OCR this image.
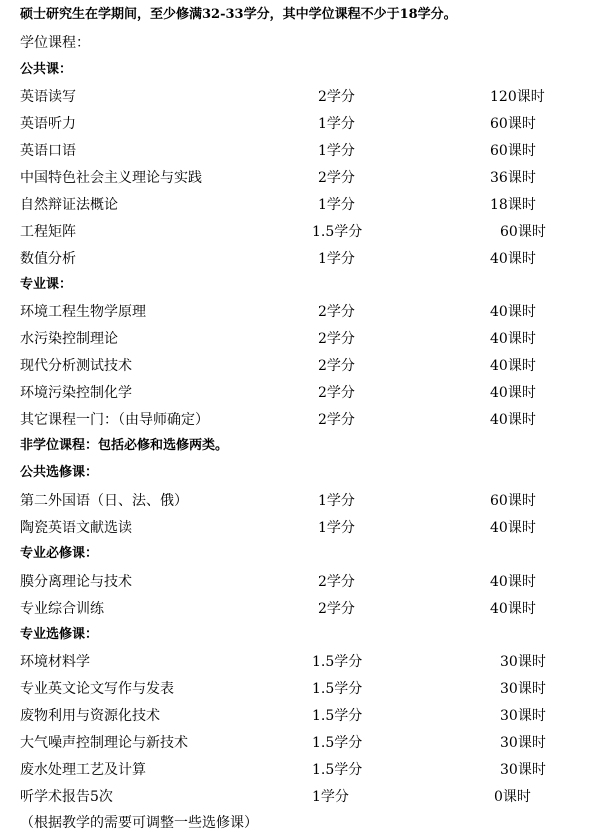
硕士研究生在学期间，至少修满32-33学分，其中学位课程不少于18学分。
学位课程：
公共课：
英语读写	2学分	120课时
英语听力	1学分	60课时
英语口语	1学分	60课时
中国特色社会主义理论与实践	2学分	36课时
自然辩证法概论	1学分	18课时
工程矩阵	1.5学分	60课时
数值分析	1学分	40课时
专业课：
环境工程生物学原理	2学分	40课时
水污染控制理论	2学分	40课时
现代分析测试技术	2学分	40课时
环境污染控制化学	2学分	40课时
其它课程一门：（由导师确定）	2学分	40课时
非学位课程：包括必修和选修两类。
公共选修课：
第二外国语（日、法、俄）	1学分	60课时
陶瓷英语文献选读	1学分	40课时
专业必修课：
膜分离理论与技术	2学分	40课时
专业综合训练	2学分	40课时
专业选修课：
环境材料学	1.5学分	30课时
专业英文论文写作与发表	1.5学分	30课时
废物利用与资源化技术	1.5学分	30课时
大气噪声控制理论与新技术	1.5学分	30课时
废水处理工艺及计算	1.5学分	30课时
听学术报告5次	1学分	0课时
（根据教学的需要可调整一些选修课）
